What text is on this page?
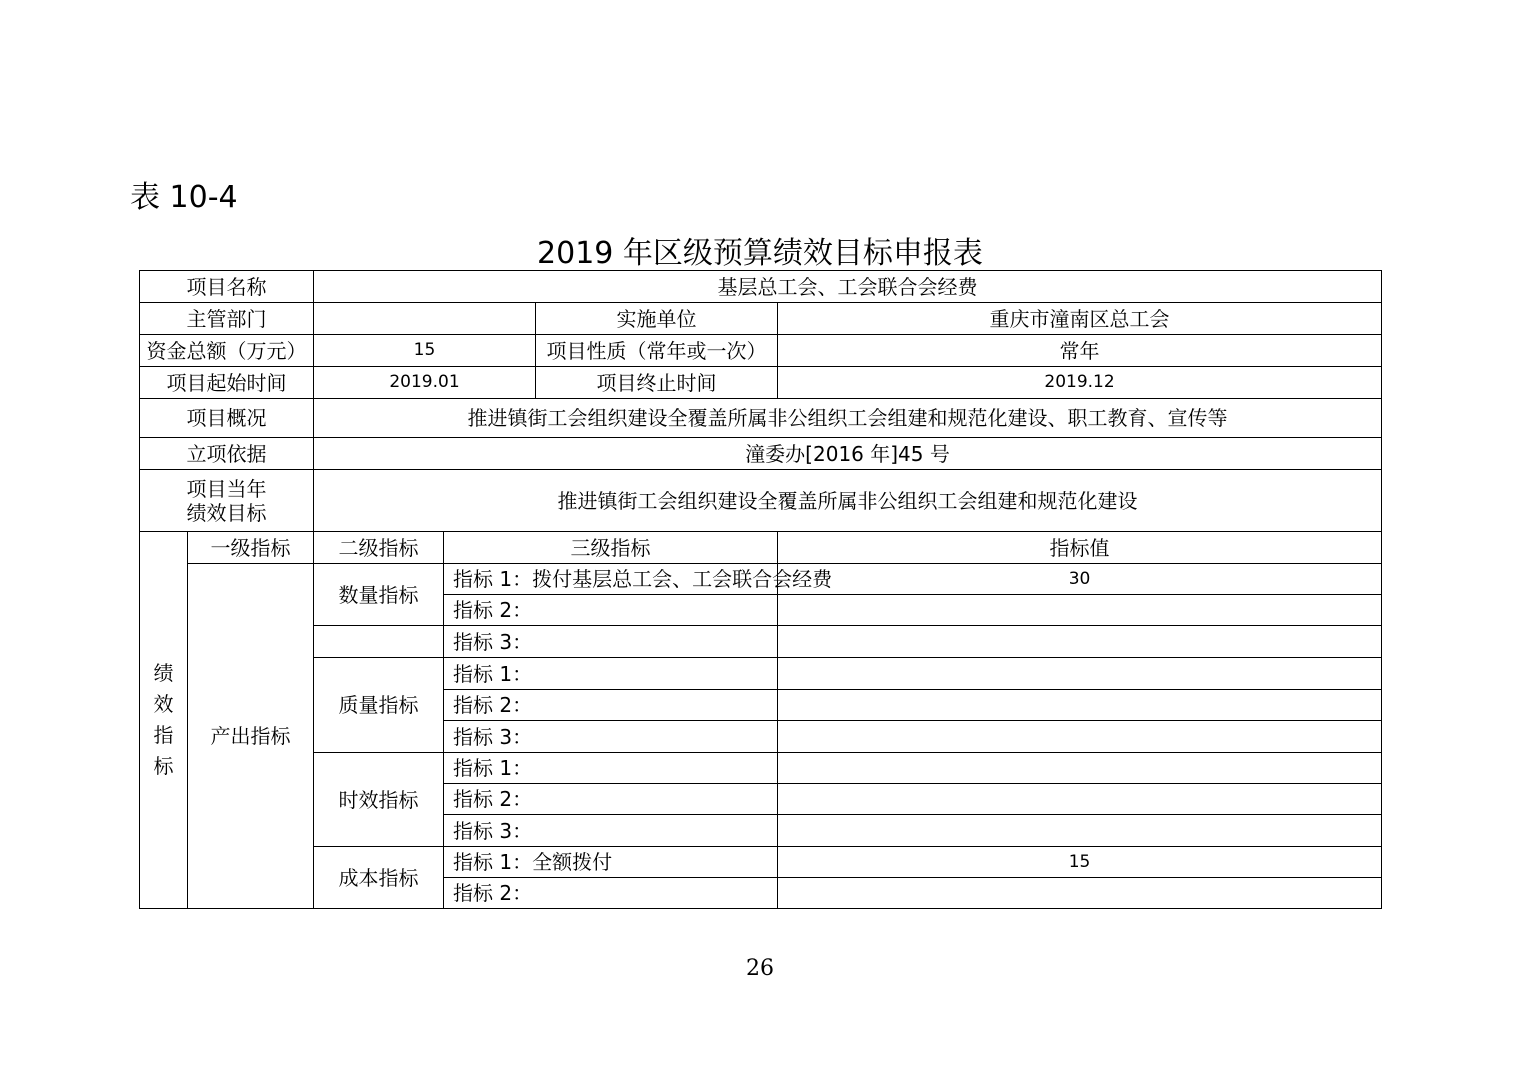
表 10-4
2019 年区级预算绩效目标申报表
项目名称		基层总工会、工会联合会经费			
主管部门				实施单位	重庆市潼南区总工会
资金总额（万元）		15		项目性质（常年或一次）	常年
项目起始时间		2019.01		项目终止时间	2019.12
项目概况		推进镇街工会组织建设全覆盖所属非公组织工会组建和规范化建设、职工教育、宣传等			
立项依据		潼委办[2016 年]45 号			

项目当年
绩效目标		推进镇街工会组织建设全覆盖所属非公组织工会组建和规范化建设			

绩
效
指
标	一级指标	二级指标	三级指标		指标值
	产出指标	数量指标	指标 1：拨付基层总工会、工会联合会经费		30
			指标 2：		
			指标 3：		
		质量指标	指标 1：		
			指标 2：		
			指标 3：		
		时效指标	指标 1：		
			指标 2：		
			指标 3：		
		成本指标	指标 1：全额拨付		15
			指标 2：		
26
